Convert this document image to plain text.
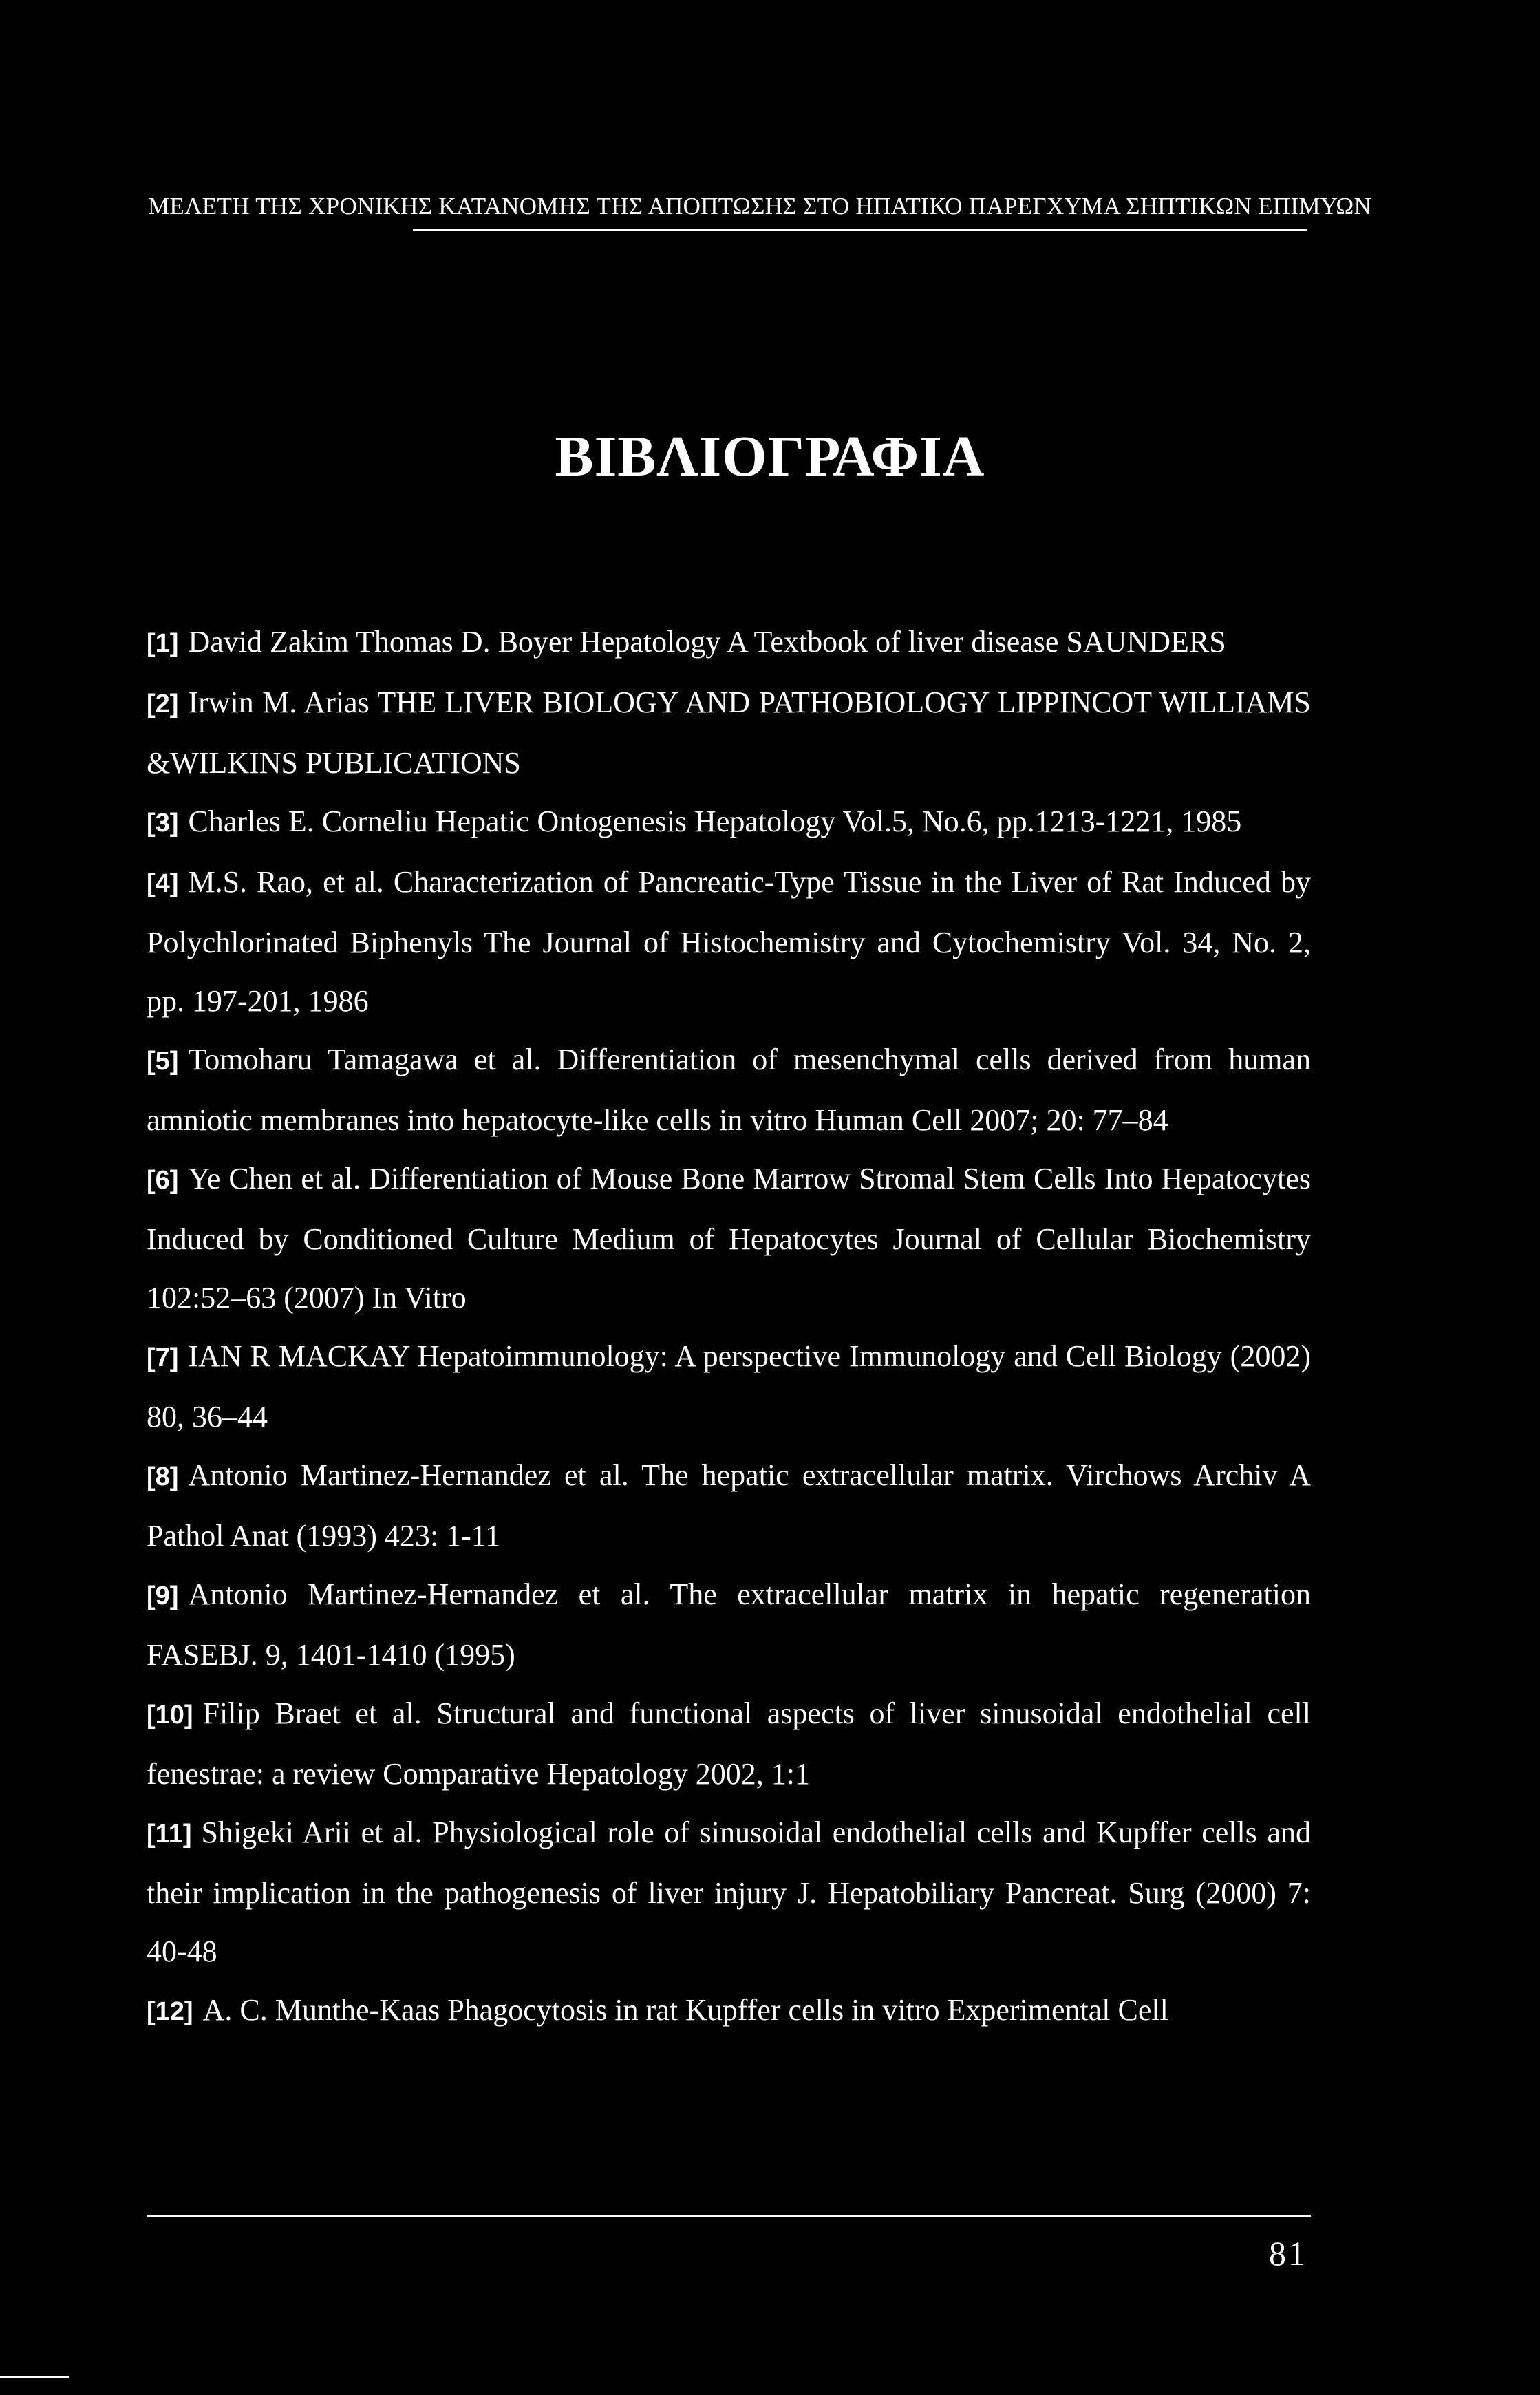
ΜΕΛΕΤΗ ΤΗΣ ΧΡΟΝΙΚΗΣ ΚΑΤΑΝΟΜΗΣ ΤΗΣ ΑΠΟΠΤΩΣΗΣ ΣΤΟ ΗΠΑΤΙΚΟ ΠΑΡΕΓΧΥΜΑ ΣΗΠΤΙΚΩΝ ΕΠΙΜΥΩΝ
ΒΙΒΛΙΟΓΡΑΦΙΑ
[1] David Zakim Thomas D. Boyer Hepatology A Textbook of liver disease SAUNDERS
[2] Irwin M. Arias THE LIVER BIOLOGY AND PATHOBIOLOGY LIPPINCOT WILLIAMS &WILKINS PUBLICATIONS
[3] Charles E. Corneliu Hepatic Ontogenesis Hepatology Vol.5, No.6, pp.1213-1221, 1985
[4] M.S. Rao, et al. Characterization of Pancreatic-Type Tissue in the Liver of Rat Induced by Polychlorinated Biphenyls The Journal of Histochemistry and Cytochemistry Vol. 34, No. 2, pp. 197-201, 1986
[5] Tomoharu Tamagawa et al. Differentiation of mesenchymal cells derived from human amniotic membranes into hepatocyte-like cells in vitro Human Cell 2007; 20: 77–84
[6] Ye Chen et al. Differentiation of Mouse Bone Marrow Stromal Stem Cells Into Hepatocytes Induced by Conditioned Culture Medium of Hepatocytes Journal of Cellular Biochemistry 102:52–63 (2007) In Vitro
[7] IAN R MACKAY Hepatoimmunology: A perspective Immunology and Cell Biology (2002) 80, 36–44
[8] Antonio Martinez-Hernandez et al. The hepatic extracellular matrix. Virchows Archiv A Pathol Anat (1993) 423: 1-11
[9] Antonio Martinez-Hernandez et al. The extracellular matrix in hepatic regeneration FASEBJ. 9, 1401-1410 (1995)
[10] Filip Braet et al. Structural and functional aspects of liver sinusoidal endothelial cell fenestrae: a review Comparative Hepatology 2002, 1:1
[11] Shigeki Arii et al. Physiological role of sinusoidal endothelial cells and Kupffer cells and their implication in the pathogenesis of liver injury J. Hepatobiliary Pancreat. Surg (2000) 7: 40-48
[12] A. C. Munthe-Kaas Phagocytosis in rat Kupffer cells in vitro Experimental Cell
81
